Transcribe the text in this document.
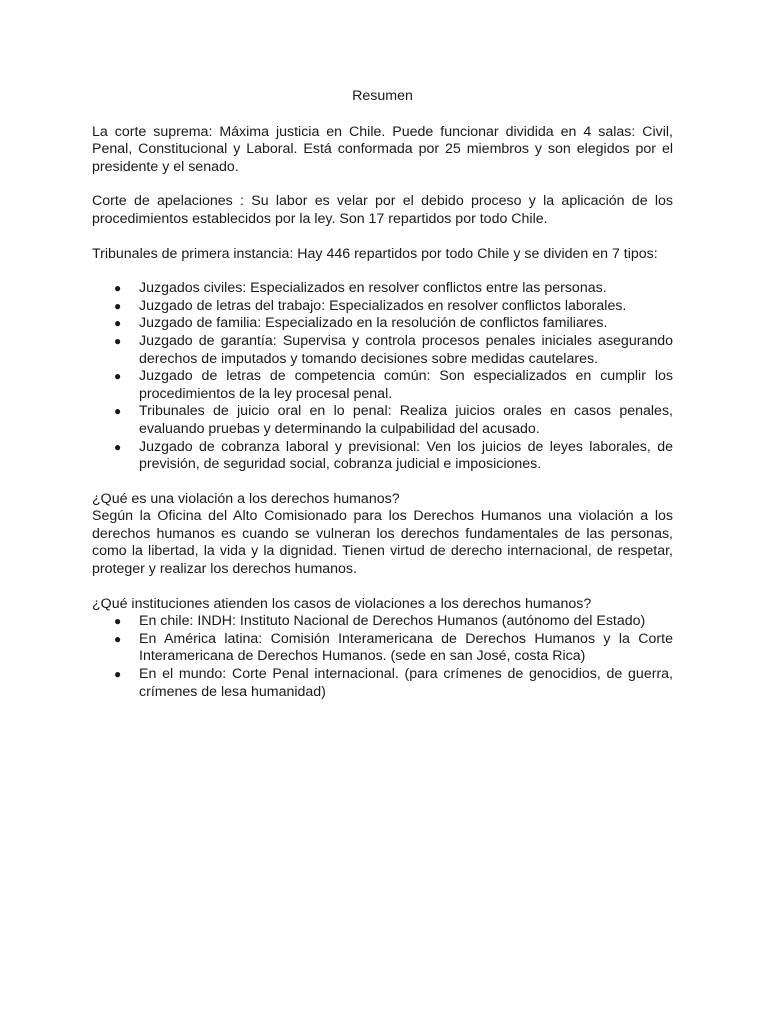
Resumen

La corte suprema: Máxima justicia en Chile. Puede funcionar dividida en 4 salas: Civil, Penal, Constitucional y Laboral. Está conformada por 25 miembros y son elegidos por el presidente y el senado.

Corte de apelaciones : Su labor es velar por el debido proceso y la aplicación de los procedimientos establecidos por la ley. Son 17 repartidos por todo Chile.

Tribunales de primera instancia: Hay 446 repartidos por todo Chile y se dividen en 7 tipos:

● Juzgados civiles: Especializados en resolver conflictos entre las personas.
● Juzgado de letras del trabajo: Especializados en resolver conflictos laborales.
● Juzgado de familia: Especializado en la resolución de conflictos familiares.
● Juzgado de garantía: Supervisa y controla procesos penales iniciales asegurando derechos de imputados y tomando decisiones sobre medidas cautelares.
● Juzgado de letras de competencia común: Son especializados en cumplir los procedimientos de la ley procesal penal.
● Tribunales de juicio oral en lo penal: Realiza juicios orales en casos penales, evaluando pruebas y determinando la culpabilidad del acusado.
● Juzgado de cobranza laboral y previsional: Ven los juicios de leyes laborales, de previsión, de seguridad social, cobranza judicial e imposiciones.

¿Qué es una violación a los derechos humanos?

Según la Oficina del Alto Comisionado para los Derechos Humanos una violación a los derechos humanos es cuando se vulneran los derechos fundamentales de las personas, como la libertad, la vida y la dignidad. Tienen virtud de derecho internacional, de respetar, proteger y realizar los derechos humanos.

¿Qué instituciones atienden los casos de violaciones a los derechos humanos?

● En chile: INDH: Instituto Nacional de Derechos Humanos (autónomo del Estado)
● En América latina: Comisión Interamericana de Derechos Humanos y la Corte Interamericana de Derechos Humanos. (sede en san José, costa Rica)
● En el mundo: Corte Penal internacional. (para crímenes de genocidios, de guerra, crímenes de lesa humanidad)
